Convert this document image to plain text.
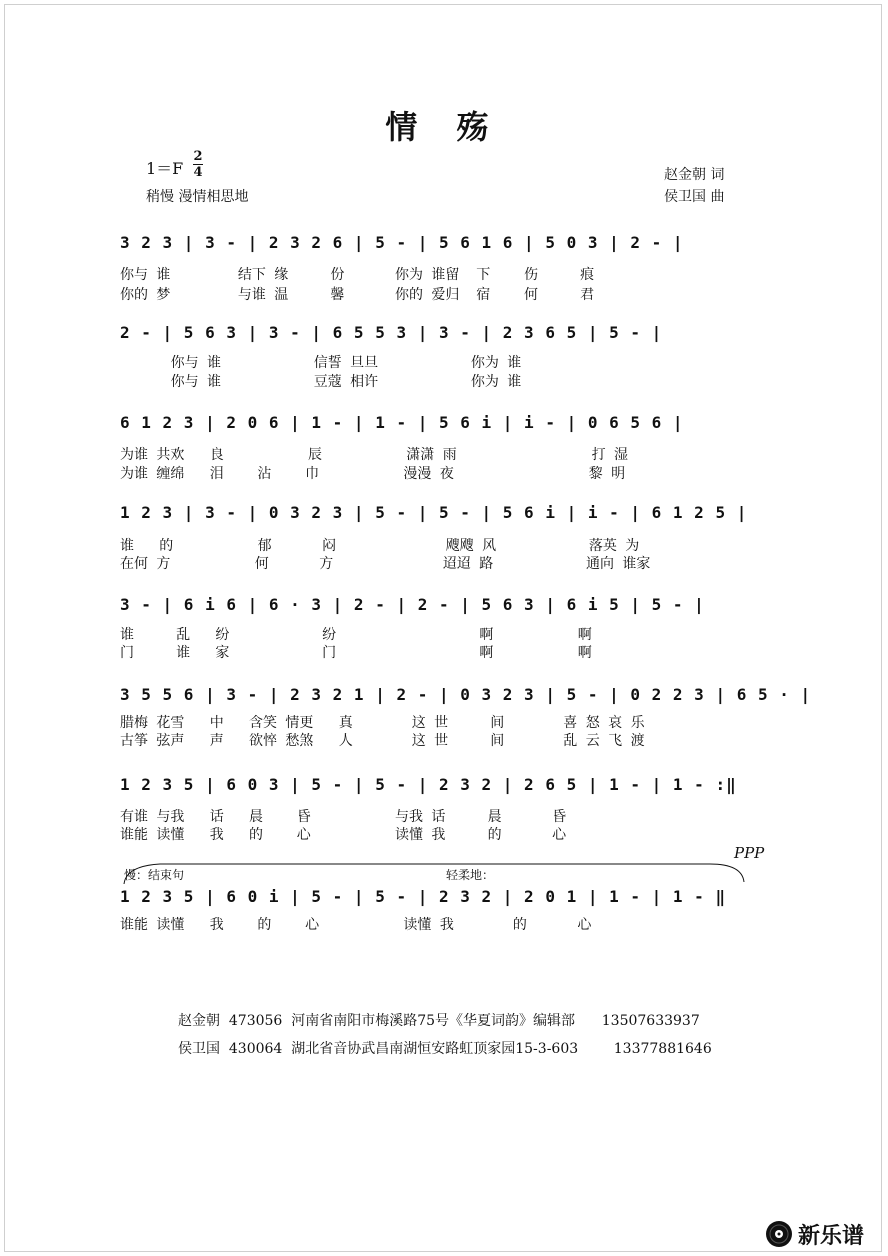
情 殇
1＝F
2
4
稍慢 漫情相思地
赵金朝 词
侯卫国 曲
3 2 3 | 3 - | 2 3 2 6 | 5 - | 5 6 1 6 | 5 0 3 | 2 - |
你与 谁        结下 缘     份      你为 谁留  下    伤     痕
你的 梦        与谁 温     馨      你的 爱归  宿    何     君
2 - | 5 6 3 | 3 - | 6 5 5 3 | 3 - | 2 3 6 5 | 5 - |
你与 谁           信誓 旦旦           你为 谁
你与 谁           豆蔻 相许           你为 谁
6 1 2 3 | 2 0 6 | 1 - | 1 - | 5 6 i | i - | 0 6 5 6 |
为谁 共欢   良          辰          潇潇 雨                打 湿
为谁 缠绵   泪    沾    巾          漫漫 夜                黎 明
1 2 3 | 3 - | 0 3 2 3 | 5 - | 5 - | 5 6 i | i - | 6 1 2 5 |
谁   的          郁      闷             飕飕 风           落英 为
在何 方          何      方             迢迢 路           通向 谁家
3 - | 6 i 6 | 6 · 3 | 2 - | 2 - | 5 6 3 | 6 i 5 | 5 - |
谁     乱   纷           纷                 啊          啊
门     谁   家           门                 啊          啊
3 5 5 6 | 3 - | 2 3 2 1 | 2 - | 0 3 2 3 | 5 - | 0 2 2 3 | 6 5 · |
腊梅 花雪   中   含笑 情更   真       这 世     间       喜 怒 哀 乐
古筝 弦声   声   欲悴 愁煞   人       这 世     间       乱 云 飞 渡
1 2 3 5 | 6 0 3 | 5 - | 5 - | 2 3 2 | 2 6 5 | 1 - | 1 - :‖
有谁 与我   话   晨    昏          与我 话     晨      昏
谁能 读懂   我   的    心          读懂 我     的      心
PPP
慢：结束句	轻柔地：
1 2 3 5 | 6 0 i | 5 - | 5 - | 2 3 2 | 2 0 1 | 1 - | 1 - ‖
谁能 读懂   我    的    心          读懂 我       的      心
赵金朝  473056  河南省南阳市梅溪路75号《华夏词韵》编辑部      13507633937
侯卫国  430064  湖北省音协武昌南湖恒安路虹顶家园15-3-603        13377881646
新乐谱
